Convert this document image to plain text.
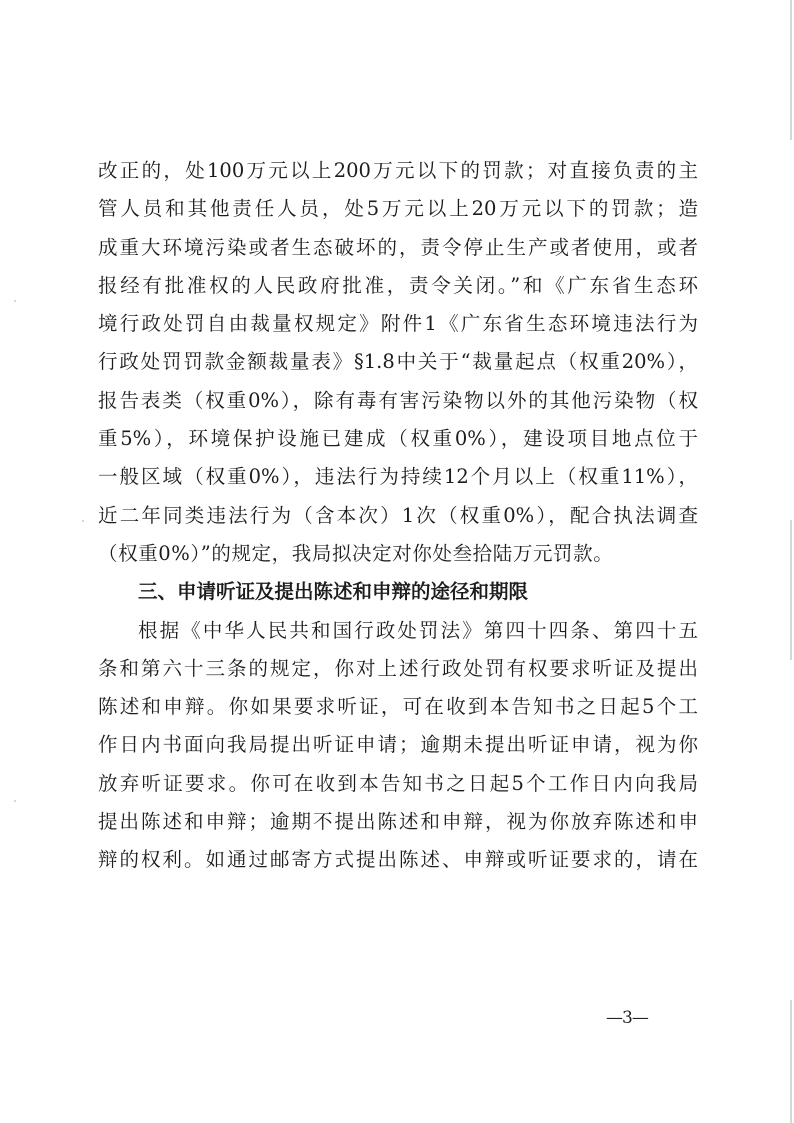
改正的，处100万元以上200万元以下的罚款；对直接负责的主
管人员和其他责任人员，处5万元以上20万元以下的罚款；造
成重大环境污染或者生态破坏的，责令停止生产或者使用，或者
报经有批准权的人民政府批准，责令关闭。”和《广东省生态环
境行政处罚自由裁量权规定》附件1《广东省生态环境违法行为
行政处罚罚款金额裁量表》§1.8中关于“裁量起点（权重20%），
报告表类（权重0%），除有毒有害污染物以外的其他污染物（权
重5%），环境保护设施已建成（权重0%），建设项目地点位于
一般区域（权重0%），违法行为持续12个月以上（权重11%），
近二年同类违法行为（含本次）1次（权重0%），配合执法调查
（权重0%）”的规定，我局拟决定对你处叁拾陆万元罚款。
三、申请听证及提出陈述和申辩的途径和期限
根据《中华人民共和国行政处罚法》第四十四条、第四十五
条和第六十三条的规定，你对上述行政处罚有权要求听证及提出
陈述和申辩。你如果要求听证，可在收到本告知书之日起5个工
作日内书面向我局提出听证申请；逾期未提出听证申请，视为你
放弃听证要求。你可在收到本告知书之日起5个工作日内向我局
提出陈述和申辩；逾期不提出陈述和申辩，视为你放弃陈述和申
辩的权利。如通过邮寄方式提出陈述、申辩或听证要求的，请在
—3—
